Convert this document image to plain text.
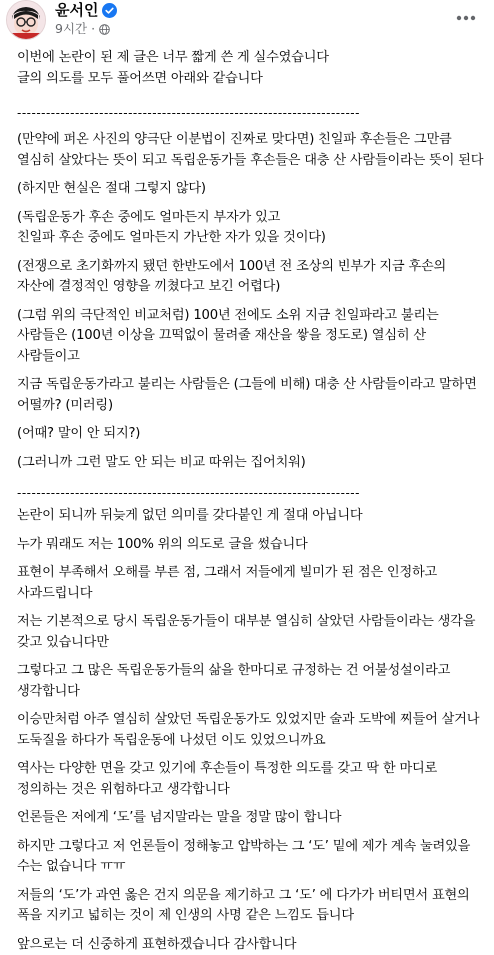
윤서인
9시간 ·
이번에 논란이 된 제 글은 너무 짧게 쓴 게 실수였습니다
글의 의도를 모두 풀어쓰면 아래와 같습니다
-----------------------------------------------------------------------
(만약에 퍼온 사진의 양극단 이분법이 진짜로 맞다면) 친일파 후손들은 그만큼 열심히 살았다는 뜻이 되고 독립운동가들 후손들은 대충 산 사람들이라는 뜻이 된다
(하지만 현실은 절대 그렇지 않다)
(독립운동가 후손 중에도 얼마든지 부자가 있고
친일파 후손 중에도 얼마든지 가난한 자가 있을 것이다)
(전쟁으로 초기화까지 됐던 한반도에서 100년 전 조상의 빈부가 지금 후손의 자산에 결정적인 영향을 끼쳤다고 보긴 어렵다)
(그럼 위의 극단적인 비교처럼) 100년 전에도 소위 지금 친일파라고 불리는 사람들은 (100년 이상을 끄떡없이 물려줄 재산을 쌓을 정도로) 열심히 산 사람들이고
지금 독립운동가라고 불리는 사람들은 (그들에 비해) 대충 산 사람들이라고 말하면 어떨까? (미러링)
(어때? 말이 안 되지?)
(그러니까 그런 말도 안 되는 비교 따위는 집어치워)
-----------------------------------------------------------------------
논란이 되니까 뒤늦게 없던 의미를 갖다붙인 게 절대 아닙니다
누가 뭐래도 저는 100% 위의 의도로 글을 썼습니다
표현이 부족해서 오해를 부른 점, 그래서 저들에게 빌미가 된 점은 인정하고 사과드립니다
저는 기본적으로 당시 독립운동가들이 대부분 열심히 살았던 사람들이라는 생각을 갖고 있습니다만
그렇다고 그 많은 독립운동가들의 삶을 한마디로 규정하는 건 어불성설이라고 생각합니다
이승만처럼 아주 열심히 살았던 독립운동가도 있었지만 술과 도박에 찌들어 살거나 도둑질을 하다가 독립운동에 나섰던 이도 있었으니까요
역사는 다양한 면을 갖고 있기에 후손들이 특정한 의도를 갖고 딱 한 마디로 정의하는 것은 위험하다고 생각합니다
언론들은 저에게 ‘도’를 넘지말라는 말을 정말 많이 합니다
하지만 그렇다고 저 언론들이 정해놓고 압박하는 그 ‘도’ 밑에 제가 계속 눌려있을 수는 없습니다 ㅠㅠ
저들의 ‘도’가 과연 옳은 건지 의문을 제기하고 그 ‘도’ 에 다가가 버티면서 표현의 폭을 지키고 넓히는 것이 제 인생의 사명 같은 느낌도 듭니다
앞으로는 더 신중하게 표현하겠습니다 감사합니다
